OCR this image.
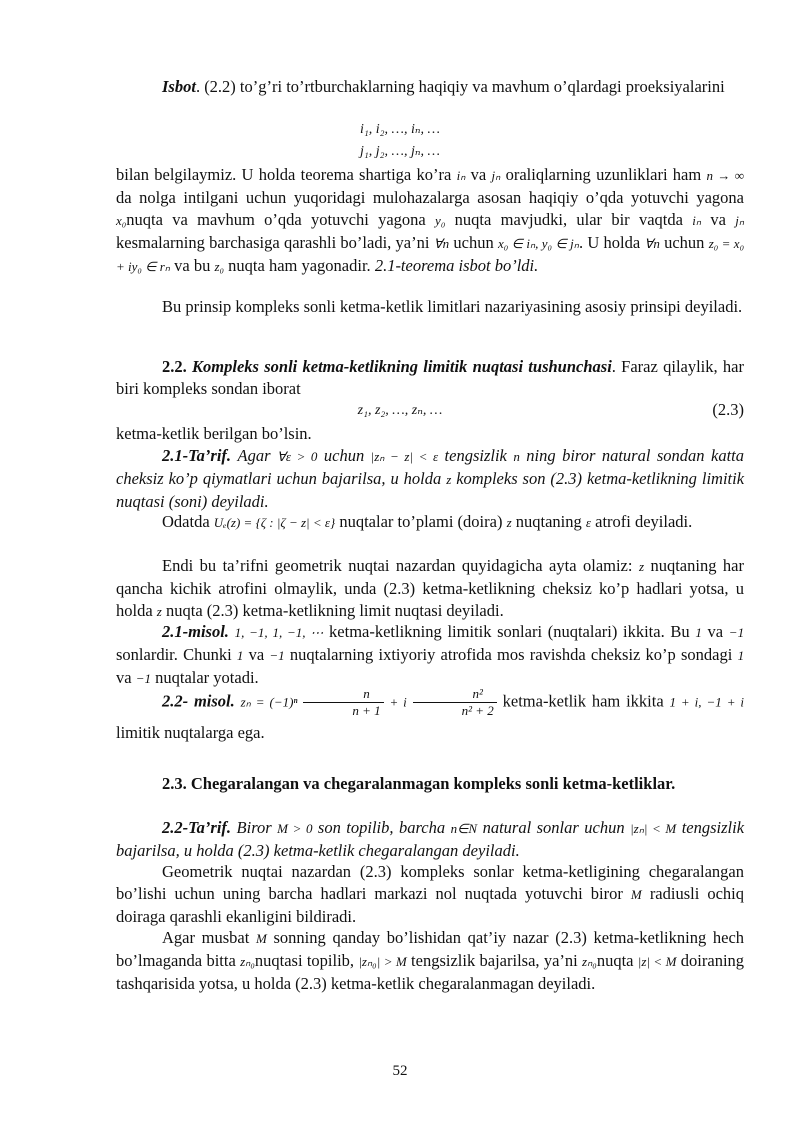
Isbot. (2.2) to’g’ri to’rtburchaklarning haqiqiy va mavhum o’qlardagi proeksiyalarini

i₁, i₂, …, iₙ, …
j₁, j₂, …, jₙ, …

bilan belgilaymiz. U holda teorema shartiga ko’ra iₙ va jₙ oraliqlarning uzunliklari ham n → ∞ da nolga intilgani uchun yuqoridagi mulohazalarga asosan haqiqiy o’qda yotuvchi yagona x₀nuqta va mavhum o’qda yotuvchi yagona y₀ nuqta mavjudki, ular bir vaqtda iₙ va jₙ kesmalarning barchasiga qarashli bo’ladi, ya’ni ∀n uchun x₀ ∈ iₙ, y₀ ∈ jₙ. U holda ∀n uchun z₀ = x₀ + iy₀ ∈ rₙ va bu z₀ nuqta ham yagonadir. 2.1-teorema isbot bo’ldi.

Bu prinsip kompleks sonli ketma-ketlik limitlari nazariyasining asosiy prinsipi deyiladi.

2.2. Kompleks sonli ketma-ketlikning limitik nuqtasi tushunchasi. Faraz qilaylik, har biri kompleks sondan iborat

z₁, z₂, …, zₙ, …	(2.3)

ketma-ketlik berilgan bo’lsin.

2.1-Ta’rif. Agar ∀ε > 0 uchun |zₙ − z| < ε tengsizlik n ning biror natural sondan katta cheksiz ko’p qiymatlari uchun bajarilsa, u holda z kompleks son (2.3) ketma-ketlikning limitik nuqtasi (soni) deyiladi.

Odatda Uₑ(z) = {ζ : |ζ − z| < ε} nuqtalar to’plami (doira) z nuqtaning ε atrofi deyiladi.

Endi bu ta’rifni geometrik nuqtai nazardan quyidagicha ayta olamiz: z nuqtaning har qancha kichik atrofini olmaylik, unda (2.3) ketma-ketlikning cheksiz ko’p hadlari yotsa, u holda z nuqta (2.3) ketma-ketlikning limit nuqtasi deyiladi.

2.1-misol. 1, −1, 1, −1, ⋯ ketma-ketlikning limitik sonlari (nuqtalari) ikkita. Bu 1 va −1 sonlardir. Chunki 1 va −1 nuqtalarning ixtiyoriy atrofida mos ravishda cheksiz ko’p sondagi 1 va −1 nuqtalar yotadi.

2.2- misol. $z_n = (-1)^n \frac{n}{n + 1} + i \frac{\text{n²}}{\text{n² + 2}}$ ketma-ketlik ham ikkita 1 + i, −1 + i limitik nuqtalarga ega.

2.3. Chegaralangan va chegaralanmagan kompleks sonli ketma-ketliklar.

2.2-Ta’rif. Biror M > 0 son topilib, barcha n∈N natural sonlar uchun |zₙ| < M tengsizlik bajarilsa, u holda (2.3) ketma-ketlik chegaralangan deyiladi.

Geometrik nuqtai nazardan (2.3) kompleks sonlar ketma-ketligining chegaralangan bo’lishi uchun uning barcha hadlari markazi nol nuqtada yotuvchi biror M radiusli ochiq doiraga qarashli ekanligini bildiradi.

Agar musbat M sonning qanday bo’lishidan qat’iy nazar (2.3) ketma-ketlikning hech bo’lmaganda bitta zₙ₀nuqtasi topilib, |zₙ₀| > M tengsizlik bajarilsa, ya’ni zₙ₀nuqta |z| < M doiraning tashqarisida yotsa, u holda (2.3) ketma-ketlik chegaralanmagan deyiladi.

52
